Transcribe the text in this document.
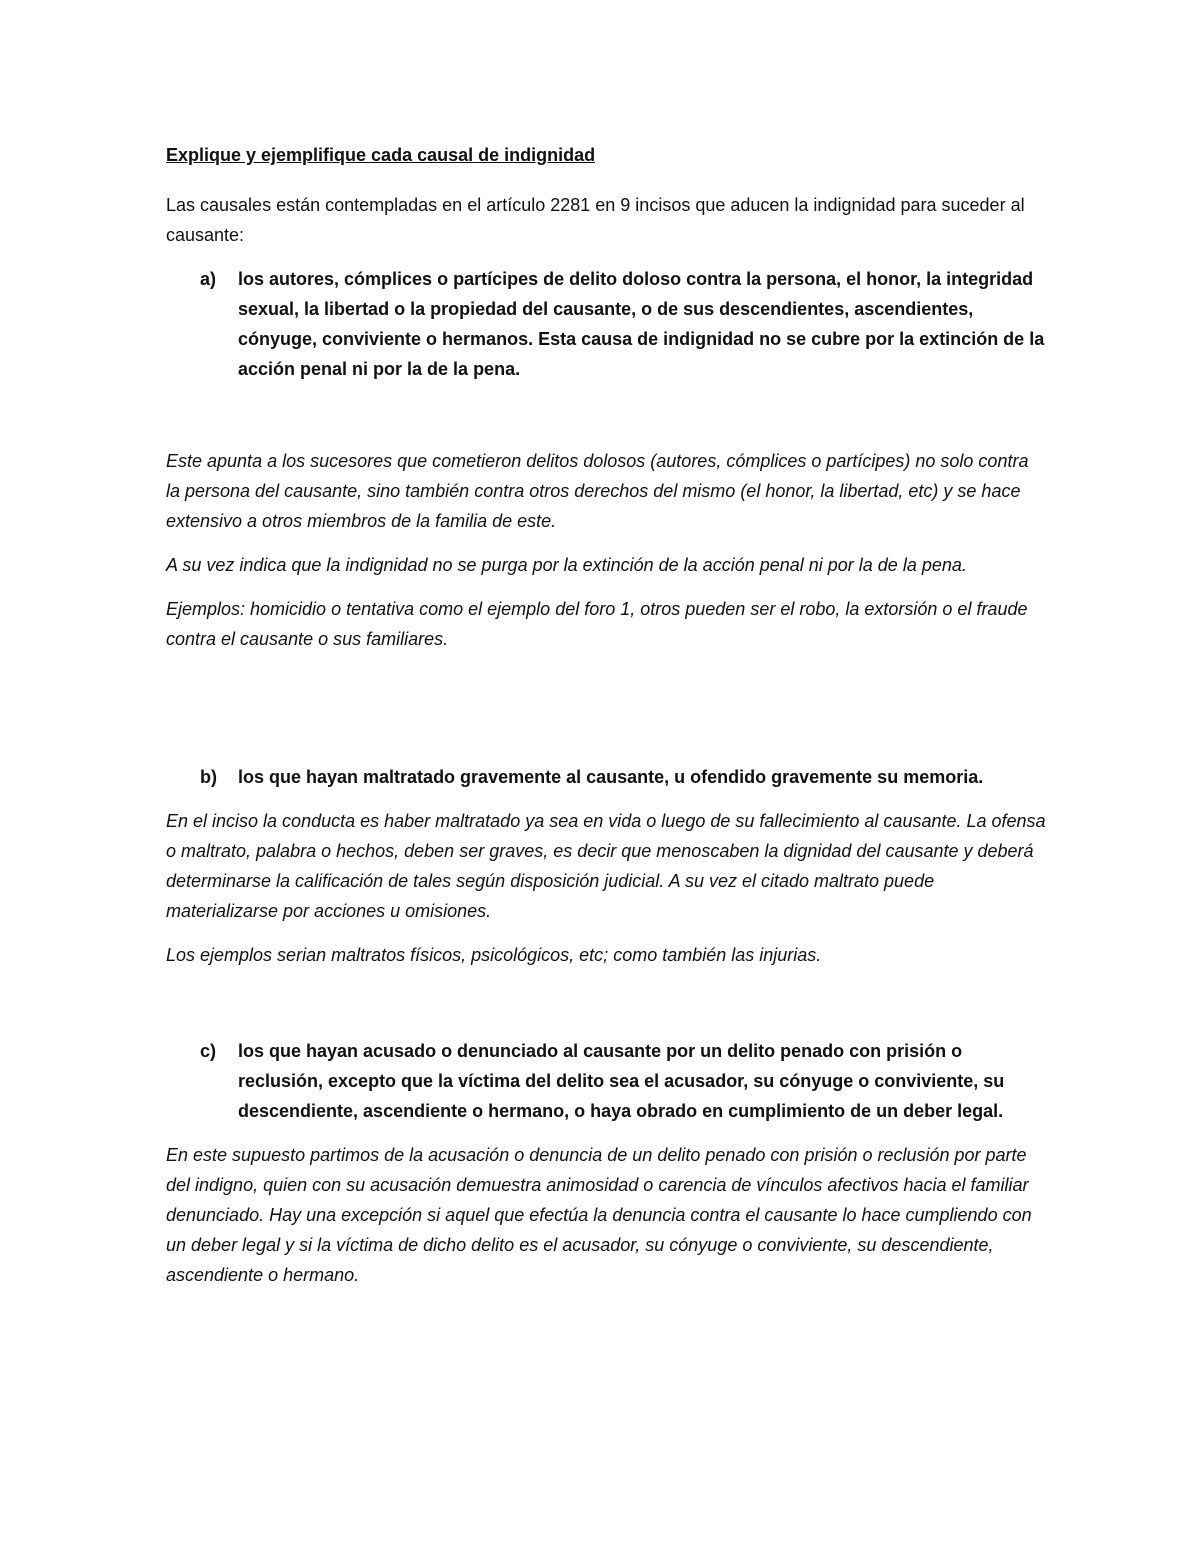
Explique y ejemplifique cada causal de indignidad
Las causales están contempladas en el artículo 2281 en 9 incisos que aducen la indignidad para suceder al causante:
a) los autores, cómplices o partícipes de delito doloso contra la persona, el honor, la integridad sexual, la libertad o la propiedad del causante, o de sus descendientes, ascendientes, cónyuge, conviviente o hermanos. Esta causa de indignidad no se cubre por la extinción de la acción penal ni por la de la pena.
Este apunta a los sucesores que cometieron delitos dolosos (autores, cómplices o partícipes) no solo contra la persona del causante, sino también contra otros derechos del mismo (el honor, la libertad, etc) y se hace extensivo a otros miembros de la familia de este.
A su vez indica que la indignidad no se purga por la extinción de la acción penal ni por la de la pena.
Ejemplos: homicidio o tentativa como el ejemplo del foro 1, otros pueden ser el robo, la extorsión o el fraude contra el causante o sus familiares.
b) los que hayan maltratado gravemente al causante, u ofendido gravemente su memoria.
En el inciso la conducta es haber maltratado ya sea en vida o luego de su fallecimiento al causante. La ofensa o maltrato, palabra o hechos, deben ser graves, es decir que menoscaben la dignidad del causante y deberá determinarse la calificación de tales según disposición judicial. A su vez el citado maltrato puede materializarse por acciones u omisiones.
Los ejemplos serian maltratos físicos, psicológicos, etc; como también las injurias.
c) los que hayan acusado o denunciado al causante por un delito penado con prisión o reclusión, excepto que la víctima del delito sea el acusador, su cónyuge o conviviente, su descendiente, ascendiente o hermano, o haya obrado en cumplimiento de un deber legal.
En este supuesto partimos de la acusación o denuncia de un delito penado con prisión o reclusión por parte del indigno, quien con su acusación demuestra animosidad o carencia de vínculos afectivos hacia el familiar denunciado. Hay una excepción si aquel que efectúa la denuncia contra el causante lo hace cumpliendo con un deber legal y si la víctima de dicho delito es el acusador, su cónyuge o conviviente, su descendiente, ascendiente o hermano.
